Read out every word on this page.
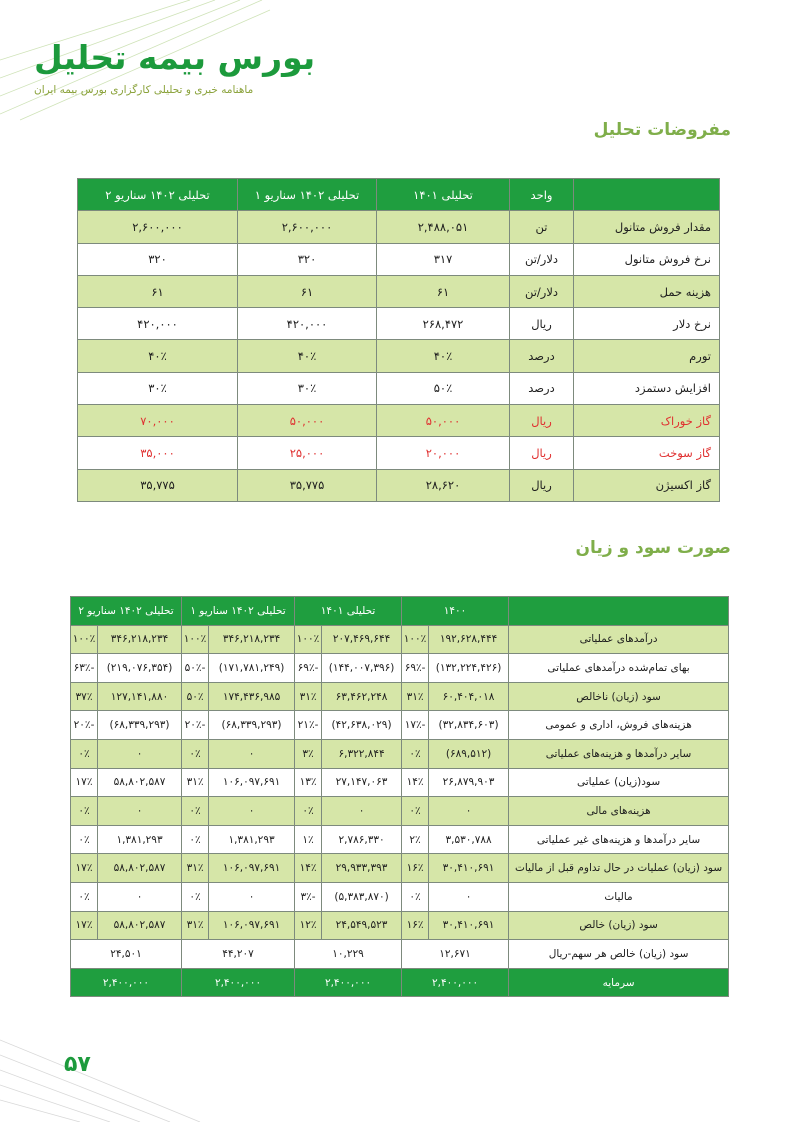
بورس بیمه تحلیل
ماهنامه خبری و تحلیلی کارگزاری بورس بیمه ایران
مفروضات تحلیل
	واحد	تحلیلی ۱۴۰۱	تحلیلی ۱۴۰۲ سناریو ۱	تحلیلی ۱۴۰۲ سناریو ۲
مقدار فروش متانول	تن	۲,۴۸۸,۰۵۱	۲,۶۰۰,۰۰۰	۲,۶۰۰,۰۰۰
نرخ فروش متانول	دلار/تن	۳۱۷	۳۲۰	۳۲۰
هزینه حمل	دلار/تن	۶۱	۶۱	۶۱
نرخ دلار	ریال	۲۶۸,۴۷۲	۴۲۰,۰۰۰	۴۲۰,۰۰۰
تورم	درصد	۴۰٪	۴۰٪	۴۰٪
افزایش دستمزد	درصد	۵۰٪	۳۰٪	۳۰٪
گاز خوراک	ریال	۵۰,۰۰۰	۵۰,۰۰۰	۷۰,۰۰۰
گاز سوخت	ریال	۲۰,۰۰۰	۲۵,۰۰۰	۳۵,۰۰۰
گاز اکسیژن	ریال	۲۸,۶۲۰	۳۵,۷۷۵	۳۵,۷۷۵
صورت سود و زیان
	۱۴۰۰		تحلیلی ۱۴۰۱		تحلیلی ۱۴۰۲ سناریو ۱		تحلیلی ۱۴۰۲ سناریو ۲	
درآمدهای عملیاتی	۱۹۲,۶۲۸,۴۴۴	۱۰۰٪	۲۰۷,۴۶۹,۶۴۴	۱۰۰٪	۳۴۶,۲۱۸,۲۳۴	۱۰۰٪	۳۴۶,۲۱۸,۲۳۴	۱۰۰٪
بهای تمام‌شده درآمدهای عملیاتی	(۱۳۲,۲۲۴,۴۲۶)	-۶۹٪	(۱۴۴,۰۰۷,۳۹۶)	-۶۹٪	(۱۷۱,۷۸۱,۲۴۹)	-۵۰٪	(۲۱۹,۰۷۶,۳۵۴)	-۶۳٪
سود (زیان) ناخالص	۶۰,۴۰۴,۰۱۸	۳۱٪	۶۳,۴۶۲,۲۴۸	۳۱٪	۱۷۴,۴۳۶,۹۸۵	۵۰٪	۱۲۷,۱۴۱,۸۸۰	۳۷٪
هزینه‌های فروش، اداری و عمومی	(۳۲,۸۳۴,۶۰۳)	-۱۷٪	(۴۲,۶۳۸,۰۲۹)	-۲۱٪	(۶۸,۳۳۹,۲۹۳)	-۲۰٪	(۶۸,۳۳۹,۲۹۳)	-۲۰٪
سایر درآمدها و هزینه‌های عملیاتی	(۶۸۹,۵۱۲)	۰٪	۶,۳۲۲,۸۴۴	۳٪	۰	۰٪	۰	۰٪
سود(زیان) عملیاتی	۲۶,۸۷۹,۹۰۳	۱۴٪	۲۷,۱۴۷,۰۶۳	۱۳٪	۱۰۶,۰۹۷,۶۹۱	۳۱٪	۵۸,۸۰۲,۵۸۷	۱۷٪
هزینه‌های مالی	۰	۰٪	۰	۰٪	۰	۰٪	۰	۰٪
سایر درآمدها و هزینه‌های غیر عملیاتی	۳,۵۳۰,۷۸۸	۲٪	۲,۷۸۶,۳۳۰	۱٪	۱,۳۸۱,۲۹۳	۰٪	۱,۳۸۱,۲۹۳	۰٪
سود (زیان) عملیات در حال تداوم قبل از مالیات	۳۰,۴۱۰,۶۹۱	۱۶٪	۲۹,۹۳۳,۳۹۳	۱۴٪	۱۰۶,۰۹۷,۶۹۱	۳۱٪	۵۸,۸۰۲,۵۸۷	۱۷٪
مالیات	۰	۰٪	(۵,۳۸۳,۸۷۰)	-۳٪	۰	۰٪	۰	۰٪
سود (زیان) خالص	۳۰,۴۱۰,۶۹۱	۱۶٪	۲۴,۵۴۹,۵۲۳	۱۲٪	۱۰۶,۰۹۷,۶۹۱	۳۱٪	۵۸,۸۰۲,۵۸۷	۱۷٪
سود (زیان) خالص هر سهم-ریال	۱۲,۶۷۱		۱۰,۲۲۹		۴۴,۲۰۷		۲۴,۵۰۱	
سرمایه	۲,۴۰۰,۰۰۰		۲,۴۰۰,۰۰۰		۲,۴۰۰,۰۰۰		۲,۴۰۰,۰۰۰	
۵۷
